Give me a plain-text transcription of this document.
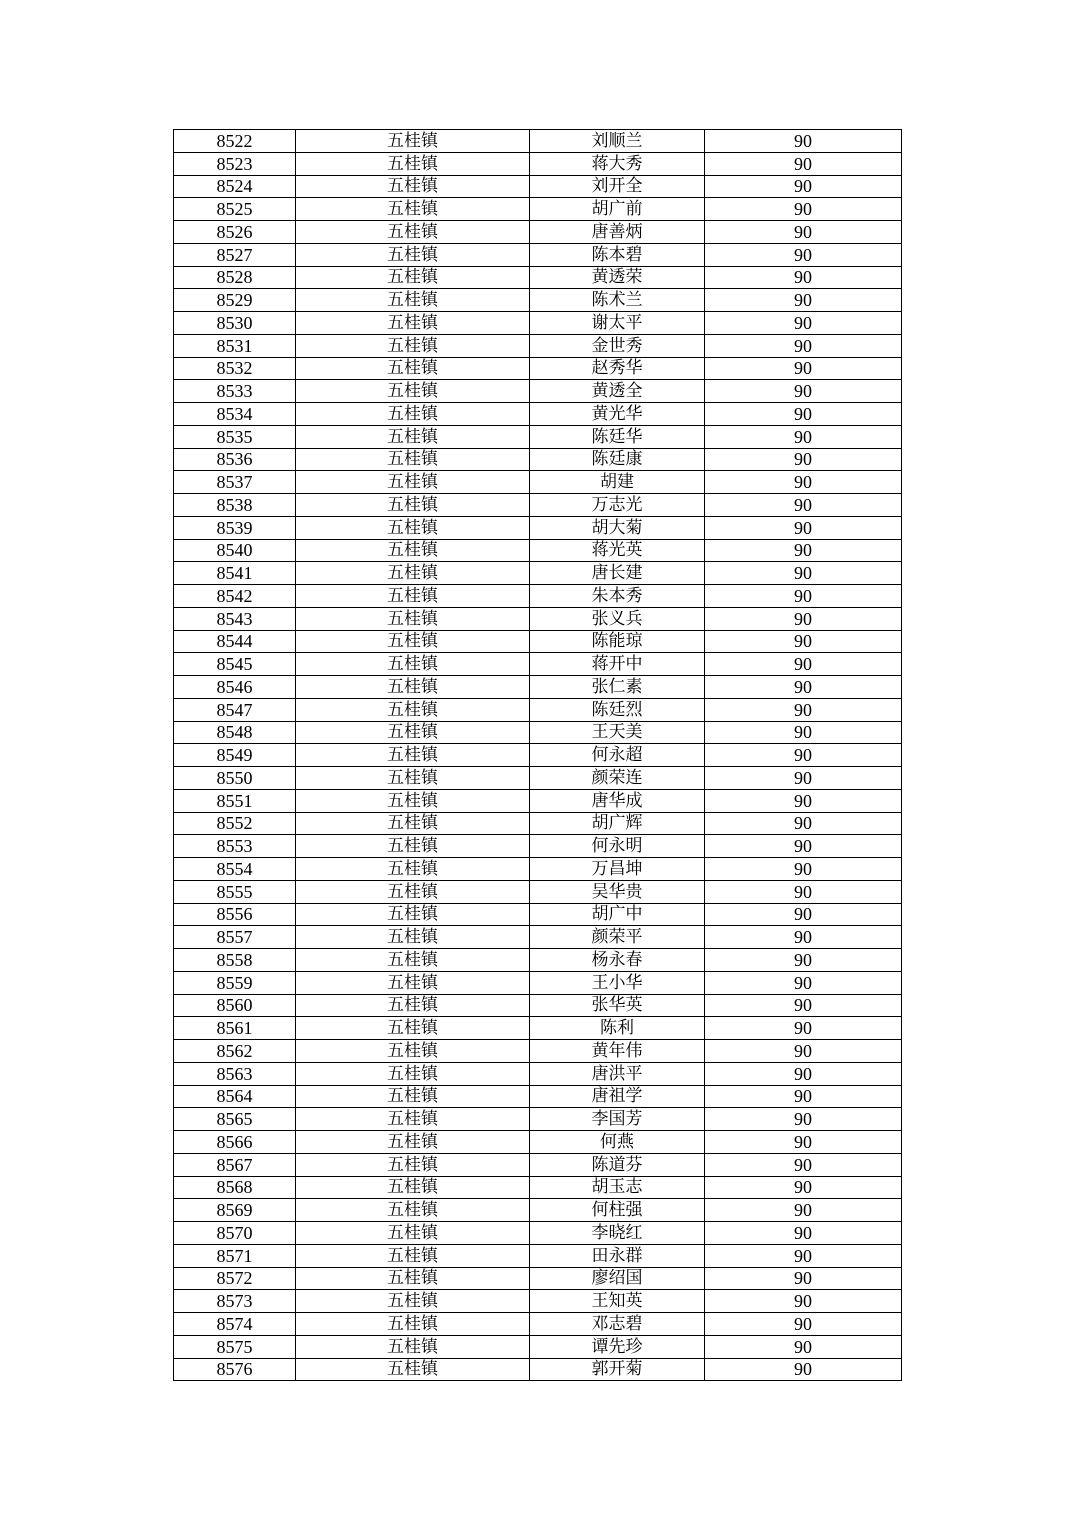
8522	五桂镇	刘顺兰	90
8523	五桂镇	蒋大秀	90
8524	五桂镇	刘开全	90
8525	五桂镇	胡广前	90
8526	五桂镇	唐善炳	90
8527	五桂镇	陈本碧	90
8528	五桂镇	黄透荣	90
8529	五桂镇	陈术兰	90
8530	五桂镇	谢太平	90
8531	五桂镇	金世秀	90
8532	五桂镇	赵秀华	90
8533	五桂镇	黄透全	90
8534	五桂镇	黄光华	90
8535	五桂镇	陈廷华	90
8536	五桂镇	陈廷康	90
8537	五桂镇	胡建	90
8538	五桂镇	万志光	90
8539	五桂镇	胡大菊	90
8540	五桂镇	蒋光英	90
8541	五桂镇	唐长建	90
8542	五桂镇	朱本秀	90
8543	五桂镇	张义兵	90
8544	五桂镇	陈能琼	90
8545	五桂镇	蒋开中	90
8546	五桂镇	张仁素	90
8547	五桂镇	陈廷烈	90
8548	五桂镇	王天美	90
8549	五桂镇	何永超	90
8550	五桂镇	颜荣连	90
8551	五桂镇	唐华成	90
8552	五桂镇	胡广辉	90
8553	五桂镇	何永明	90
8554	五桂镇	万昌坤	90
8555	五桂镇	吴华贵	90
8556	五桂镇	胡广中	90
8557	五桂镇	颜荣平	90
8558	五桂镇	杨永春	90
8559	五桂镇	王小华	90
8560	五桂镇	张华英	90
8561	五桂镇	陈利	90
8562	五桂镇	黄年伟	90
8563	五桂镇	唐洪平	90
8564	五桂镇	唐祖学	90
8565	五桂镇	李国芳	90
8566	五桂镇	何燕	90
8567	五桂镇	陈道芬	90
8568	五桂镇	胡玉志	90
8569	五桂镇	何柱强	90
8570	五桂镇	李晓红	90
8571	五桂镇	田永群	90
8572	五桂镇	廖绍国	90
8573	五桂镇	王知英	90
8574	五桂镇	邓志碧	90
8575	五桂镇	谭先珍	90
8576	五桂镇	郭开菊	90
